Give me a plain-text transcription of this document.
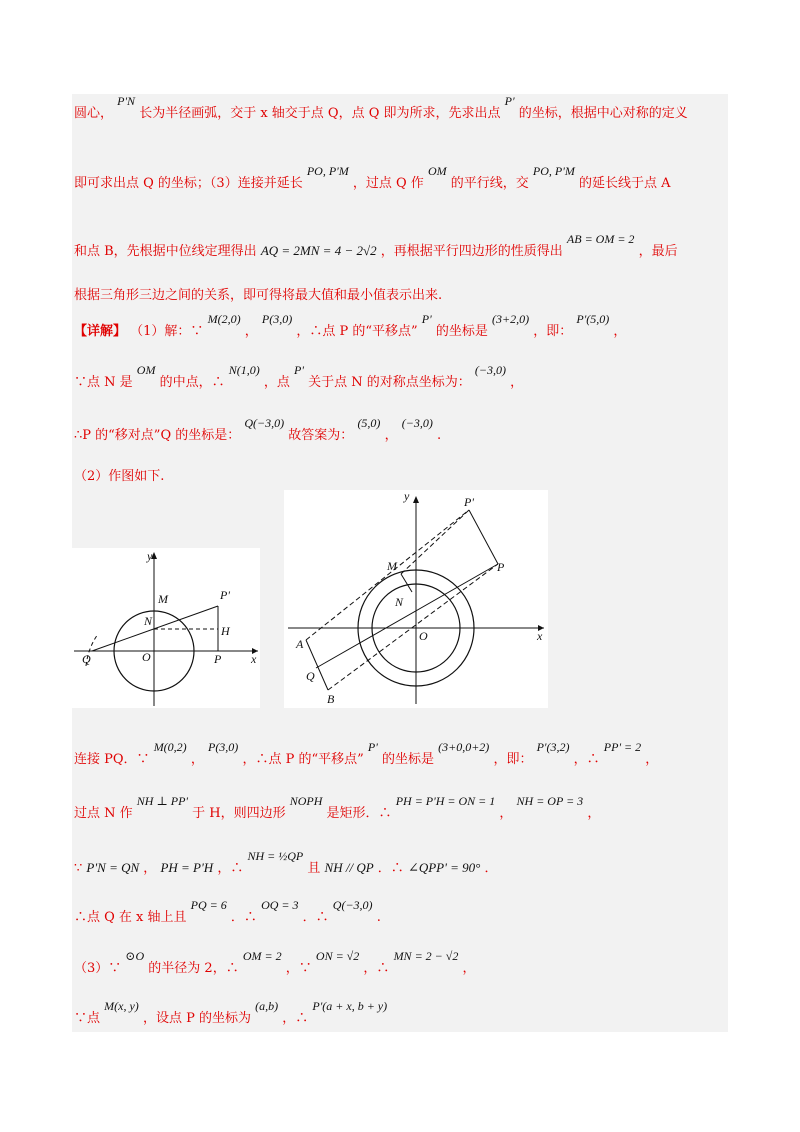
圆心， P'N 长为半径画弧，交于 x 轴交于点 Q，点 Q 即为所求，先求出点 P' 的坐标，根据中心对称的定义
即可求出点 Q 的坐标；（3）连接并延长 PO, P'M ，过点 Q 作 OM 的平行线，交 PO, P'M 的延长线于点 A
和点 B，先根据中位线定理得出 AQ = 2MN = 4 − 2√2 ，再根据平行四边形的性质得出 AB = OM = 2 ，最后
根据三角形三边之间的关系，即可得将最大值和最小值表示出来.
【详解】 （1）解：∵ M(2,0) ， P(3,0) ，∴点 P 的“平移点” P' 的坐标是 (3+2,0) ，即： P'(5,0) ，
∵点 N 是 OM 的中点，∴ N(1,0) ，点 P' 关于点 N 的对称点坐标为： (−3,0) ，
∴P 的“移对点”Q 的坐标是： Q(−3,0) 故答案为： (5,0) ， (−3,0) .
（2）作图如下.
y
x
M	P'
N
H
Q	O	P
y
x
P'
P
M
N
O
A
Q
B
连接 PQ．∵ M(0,2) ， P(3,0) ，∴点 P 的“平移点” P' 的坐标是 (3+0,0+2) ，即： P'(3,2) ，∴ PP' = 2 ，
过点 N 作 NH ⊥ PP' 于 H，则四边形 NOPH 是矩形．∴ PH = P'H = ON = 1 ， NH = OP = 3 ，
∵ P'N = QN ， PH = P'H ，∴ NH = ½QP 且 NH // QP ．∴ ∠QPP' = 90° ．
∴点 Q 在 x 轴上且 PQ = 6 ．∴ OQ = 3 ．∴ Q(−3,0) .
（3）∵ ⊙O 的半径为 2，∴ OM = 2 ，∵ ON = √2 ，∴ MN = 2 − √2 ，
∵点 M(x, y) ，设点 P 的坐标为 (a,b) ，∴ P'(a + x, b + y)
